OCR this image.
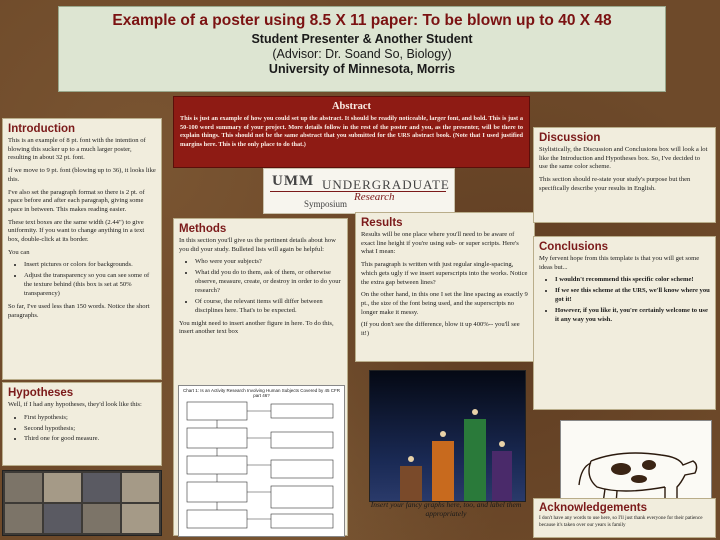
Example of a poster using 8.5 X 11 paper: To be blown up to 40 X 48
Student Presenter & Another Student
(Advisor: Dr. Soand So, Biology)
University of Minnesota, Morris
Abstract

This is just an example of how you could set up the abstract. It should be readily noticeable, larger font, and bold. This is just a 50-100 word summary of your project. More details follow in the rest of the poster and you, as the presenter, will be there to explain things. This should not be the same abstract that you submitted for the URS abstract book. (Note that I used justified margins here. This is the only place to do that.)

UMM UNDERGRADUATE
Research
Symposium
Introduction

This is an example of 8 pt. font with the intention of blowing this sucker up to a much larger poster, resulting in about 32 pt. font.

If we move to 9 pt. font (blowing up to 36), it looks like this.

I've also set the paragraph format so there is 2 pt. of space before and after each paragraph, giving some space in between. This makes reading easier.

These text boxes are the same width (2.44") to give uniformity. If you want to change anything in a text box, double-click at its border.

You can

• Insert pictures or colors for backgrounds.
• Adjust the transparency so you can see some of the texture behind (this box is set at 50% transparency)

So far, I've used less than 150 words. Notice the short paragraphs.

Hypotheses

Well, if I had any hypotheses, they'd look like this:

• First hypothesis;
• Second hypothesis;
• Third one for good measure.
Methods

In this section you'll give us the pertinent details about how you did your study. Bulleted lists will again be helpful:

• Who were your subjects?
• What did you do to them, ask of them, or otherwise observe, measure, create, or destroy in order to do your research?
• Of course, the relevant items will differ between disciplines here. That's to be expected.

You might need to insert another figure in here. To do this, insert another text box

Chart 1: Is an Activity Research Involving Human Subjects Covered by 45 CFR part 46?
Results

Results will be one place where you'll need to be aware of exact line height if you're using sub- or super scripts. Here's what I mean:

This paragraph is written with just regular single-spacing, which gets ugly if we insert superscripts into the works. Notice the extra gap between lines?

On the other hand, in this one I set the line spacing as exactly 9 pt., the size of the font being used, and the superscripts no longer make it messy.

(If you don't see the difference, blow it up 400%-- you'll see it!)

Insert your fancy graphs here, too, and label them appropriately
Discussion

Stylistically, the Discussion and Conclusions box will look a lot like the Introduction and Hypotheses box. So, I've decided to use the same color scheme.

This section should re-state your study's purpose but then specifically describe your results in English.

Conclusions

My fervent hope from this template is that you will get some ideas but...

• I wouldn't recommend this specific color scheme!
• If we see this scheme at the URS, we'll know where you got it!
• However, if you like it, you're certainly welcome to use it any way you wish.
Acknowledgements

I don't have any words to use here, so I'll just thank everyone for their patience because it's taken over our years is family
